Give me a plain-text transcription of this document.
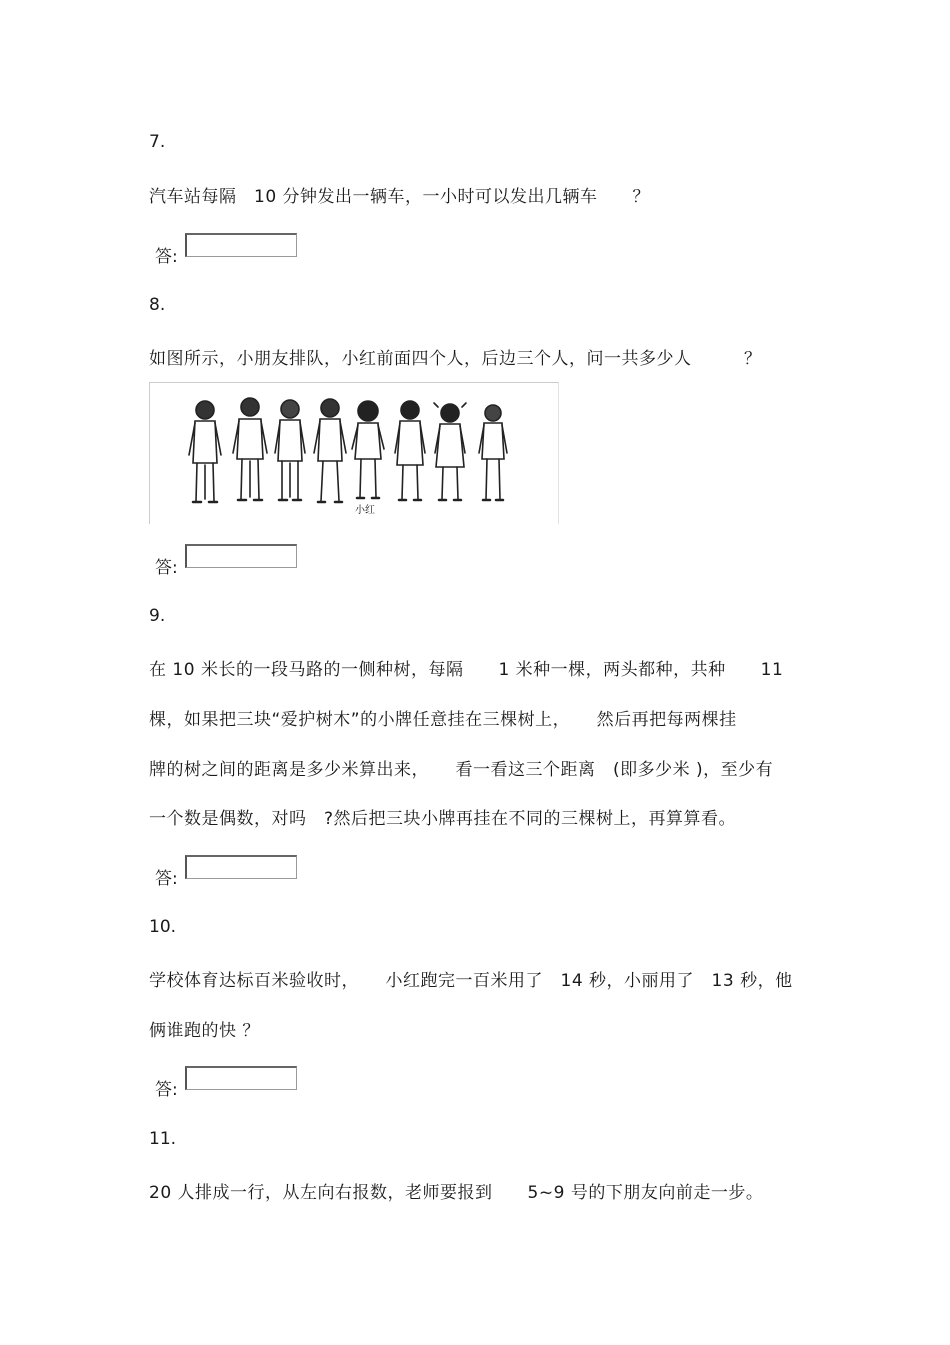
7.
汽车站每隔　10 分钟发出一辆车，一小时可以发出几辆车　　？
答:
8.
如图所示，小朋友排队，小红前面四个人，后边三个人，问一共多少人　　　？
小红
答:
9.
在 10 米长的一段马路的一侧种树，每隔　　1 米种一棵，两头都种，共种　　11
棵，如果把三块“爱护树木”的小牌任意挂在三棵树上，　　然后再把每两棵挂
牌的树之间的距离是多少米算出来，　　看一看这三个距离　(即多少米 )，至少有
一个数是偶数，对吗　?然后把三块小牌再挂在不同的三棵树上，再算算看。
答:
10.
学校体育达标百米验收时，　　小红跑完一百米用了　14 秒，小丽用了　13 秒，他
俩谁跑的快 ？
答:
11.
20 人排成一行，从左向右报数，老师要报到　　5~9 号的下朋友向前走一步。
